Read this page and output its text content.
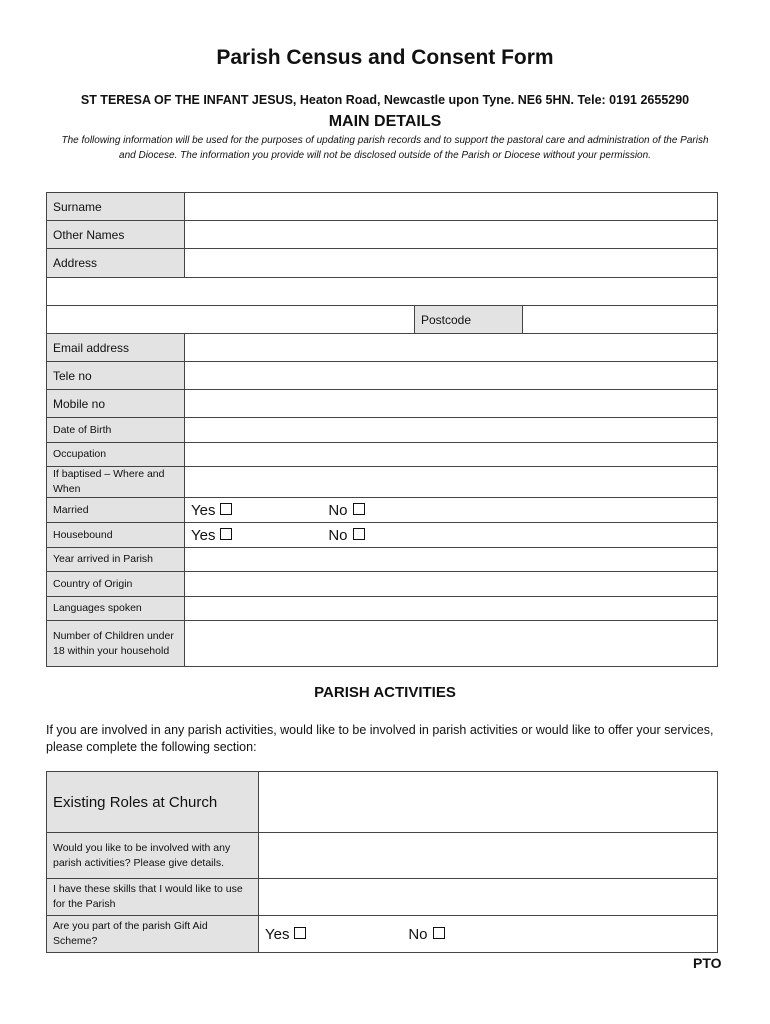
Parish Census and Consent Form
ST TERESA OF THE INFANT JESUS, Heaton Road, Newcastle upon Tyne. NE6 5HN. Tele: 0191 2655290
MAIN DETAILS
The following information will be used for the purposes of updating parish records and to support the pastoral care and administration of the Parish and Diocese. The information you provide will not be disclosed outside of the Parish or Diocese without your permission.
Surname			
Other Names			
Address			

		Postcode	
Email address			
Tele no			
Mobile no			
Date of Birth			
Occupation			
If baptised – Where and When			
Married	Yes No		
Housebound	Yes No		
Year arrived in Parish			
Country of Origin			
Languages spoken			
Number of Children under 18 within your household			
PARISH ACTIVITIES
If you are involved in any parish activities, would like to be involved in parish activities or would like to offer your services, please complete the following section:
Existing Roles at Church	
Would you like to be involved with any parish activities? Please give details.	
I have these skills that I would like to use for the Parish	
Are you part of the parish Gift Aid Scheme?	Yes No
PTO
